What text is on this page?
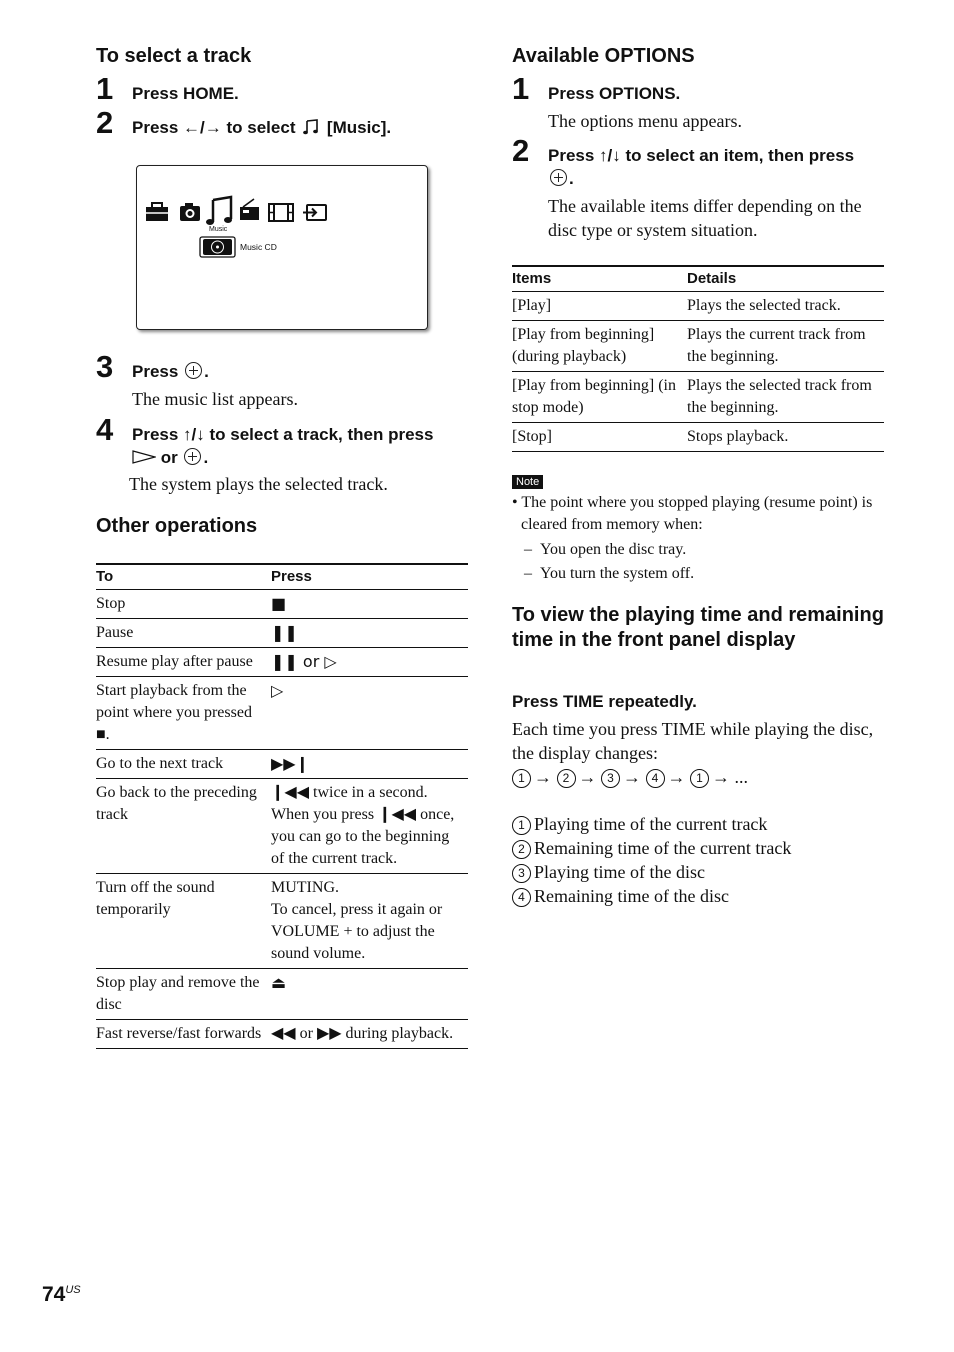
To select a track
1 Press HOME.
2 Press ←/→ to select  [Music].
Music
Music CD
3 Press .
The music list appears.
4 Press ↑/↓ to select a track, then press
or .
The system plays the selected track.
Other operations
To	Press
Stop	■
Pause	❚❚
Resume play after pause	❚❚ or ▷
Start playback from the point where you pressed ■.	▷
Go to the next track	▶▶❙
Go back to the preceding track	❙◀◀ twice in a second.
When you press ❙◀◀ once, you can go to the beginning of the current track.

Turn off the sound temporarily	MUTING.
To cancel, press it again or VOLUME + to adjust the sound volume.

Stop play and remove the disc	⏏
Fast reverse/fast forwards	◀◀ or ▶▶ during playback.
Available OPTIONS
1 Press OPTIONS.
The options menu appears.
2 Press ↑/↓ to select an item, then press
.
The available items differ depending on the disc type or system situation.
Items	Details
[Play]	Plays the selected track.
[Play from beginning] (during playback)	Plays the current track from the beginning.
[Play from beginning] (in stop mode)	Plays the selected track from the beginning.
[Stop]	Stops playback.
Note
• The point where you stopped playing (resume point) is cleared from memory when:
–  You open the disc tray.
–  You turn the system off.
To view the playing time and remaining time in the front panel display
Press TIME repeatedly.
Each time you press TIME while playing the disc, the display changes:
1 → 2 → 3 → 4 → 1 → ...
1 Playing time of the current track
2 Remaining time of the current track
3 Playing time of the disc
4 Remaining time of the disc
$74^{US}$
